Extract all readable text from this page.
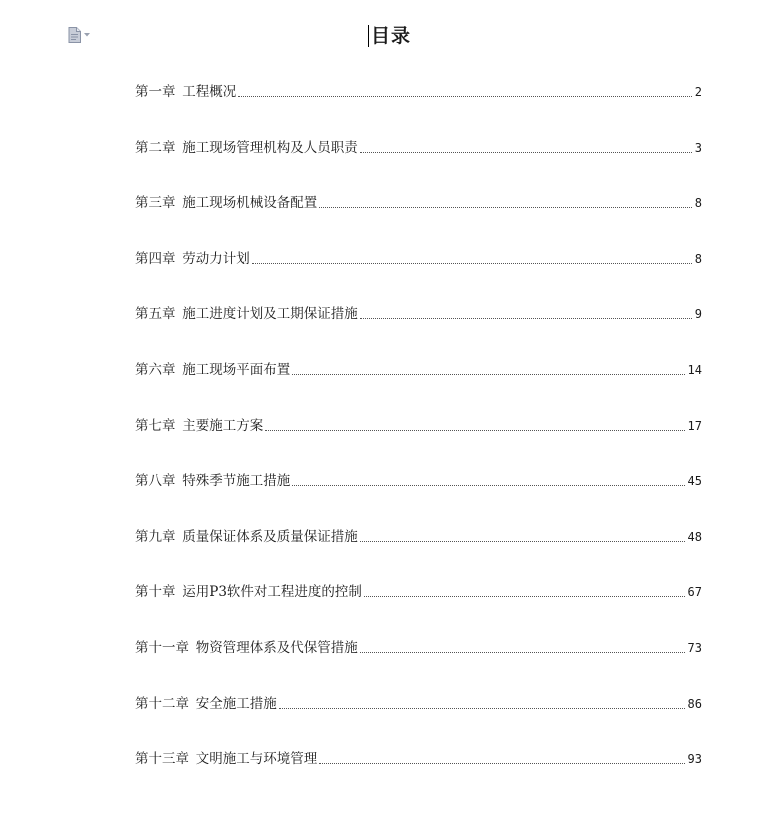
目录
第一章 工程概况	2
第二章 施工现场管理机构及人员职责	3
第三章 施工现场机械设备配置	8
第四章 劳动力计划	8
第五章 施工进度计划及工期保证措施	9
第六章 施工现场平面布置	14
第七章 主要施工方案	17
第八章 特殊季节施工措施	45
第九章 质量保证体系及质量保证措施	48
第十章 运用P3软件对工程进度的控制	67
第十一章 物资管理体系及代保管措施	73
第十二章 安全施工措施	86
第十三章 文明施工与环境管理	93
